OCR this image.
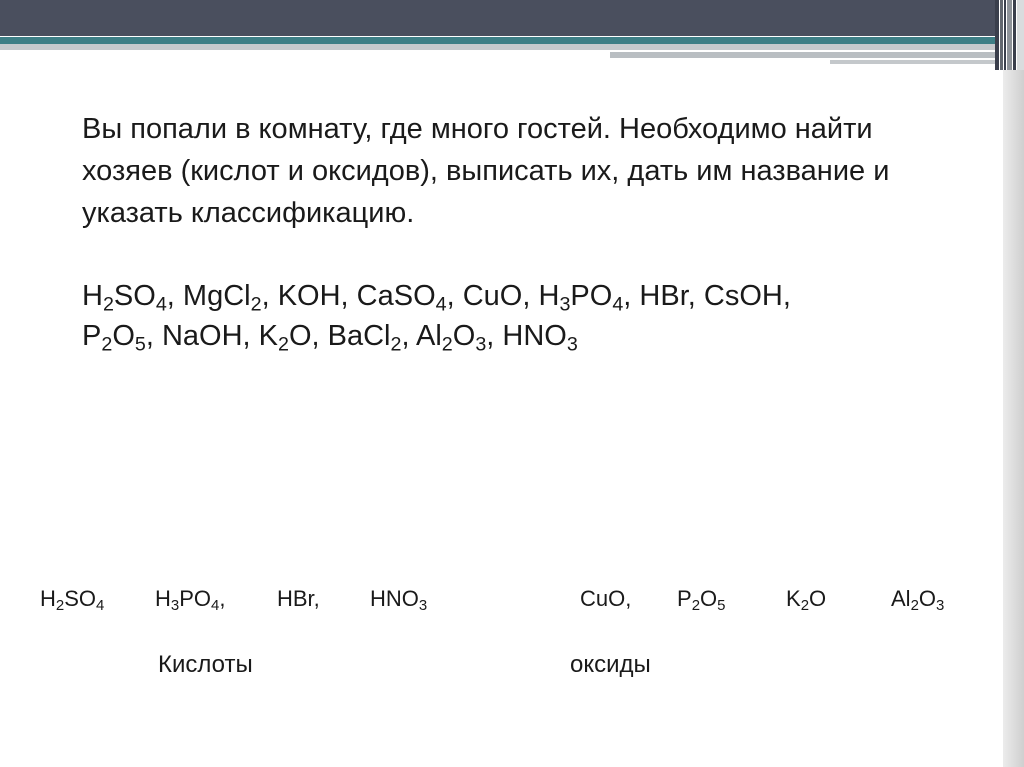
Вы попали в комнату, где много гостей. Необходимо найти хозяев (кислот и оксидов), выписать их, дать им название и указать классификацию.

$H_2SO_4$, MgCl$_2$, KOH, CaSO$_4$, CuO, $H_3PO_4$, HBr, CsOH,
$P_2O_5$, NaOH, $K_2O$, BaCl$_2$, $Al_2O_3$, $HNO_3$
$H_2SO_4$ $H_3PO_4$, HBr, $HNO_3$	CuO, $P_2O_5$	$K_2O$	$Al_2O_3$
Кислоты	оксиды
